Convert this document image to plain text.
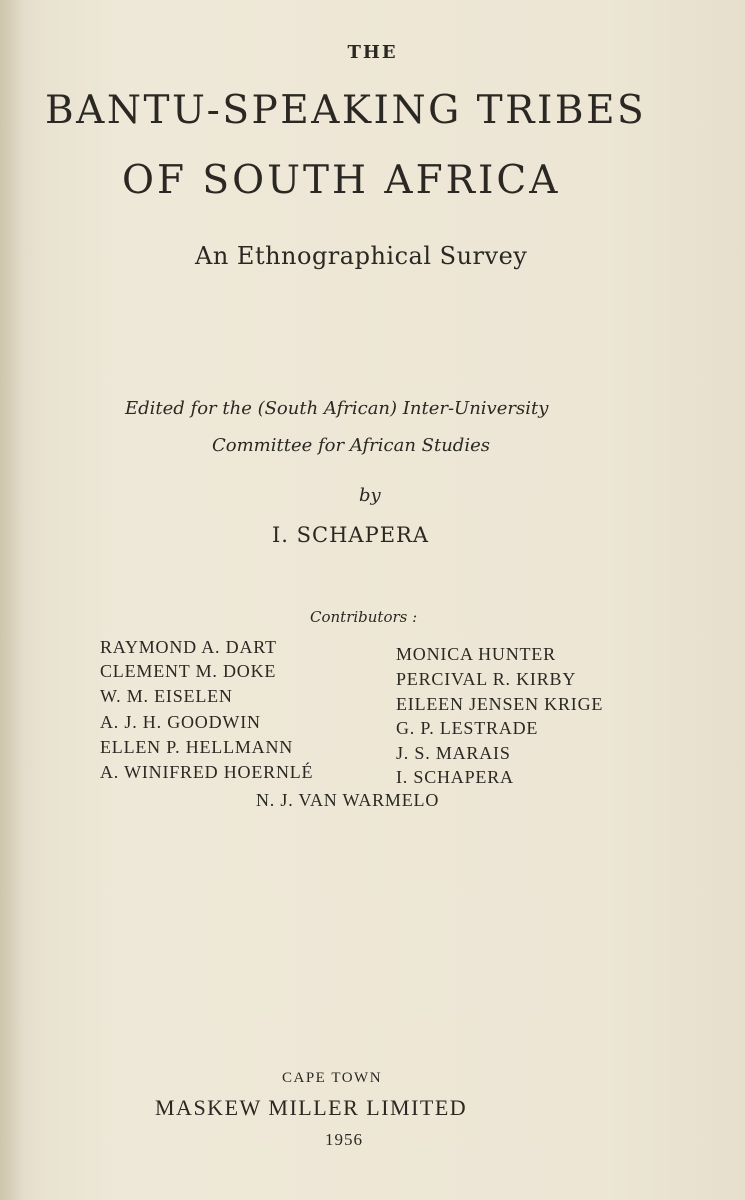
THE
BANTU-SPEAKING TRIBES
OF SOUTH AFRICA
An Ethnographical Survey
Edited for the (South African) Inter-University
Committee for African Studies
by
I. SCHAPERA
Contributors :
RAYMOND A. DART
CLEMENT M. DOKE
W. M. EISELEN
A. J. H. GOODWIN
ELLEN P. HELLMANN
A. WINIFRED HOERNLÉ
MONICA HUNTER
PERCIVAL R. KIRBY
EILEEN JENSEN KRIGE
G. P. LESTRADE
J. S. MARAIS
I. SCHAPERA
N. J. VAN WARMELO
CAPE TOWN
MASKEW MILLER LIMITED
1956
